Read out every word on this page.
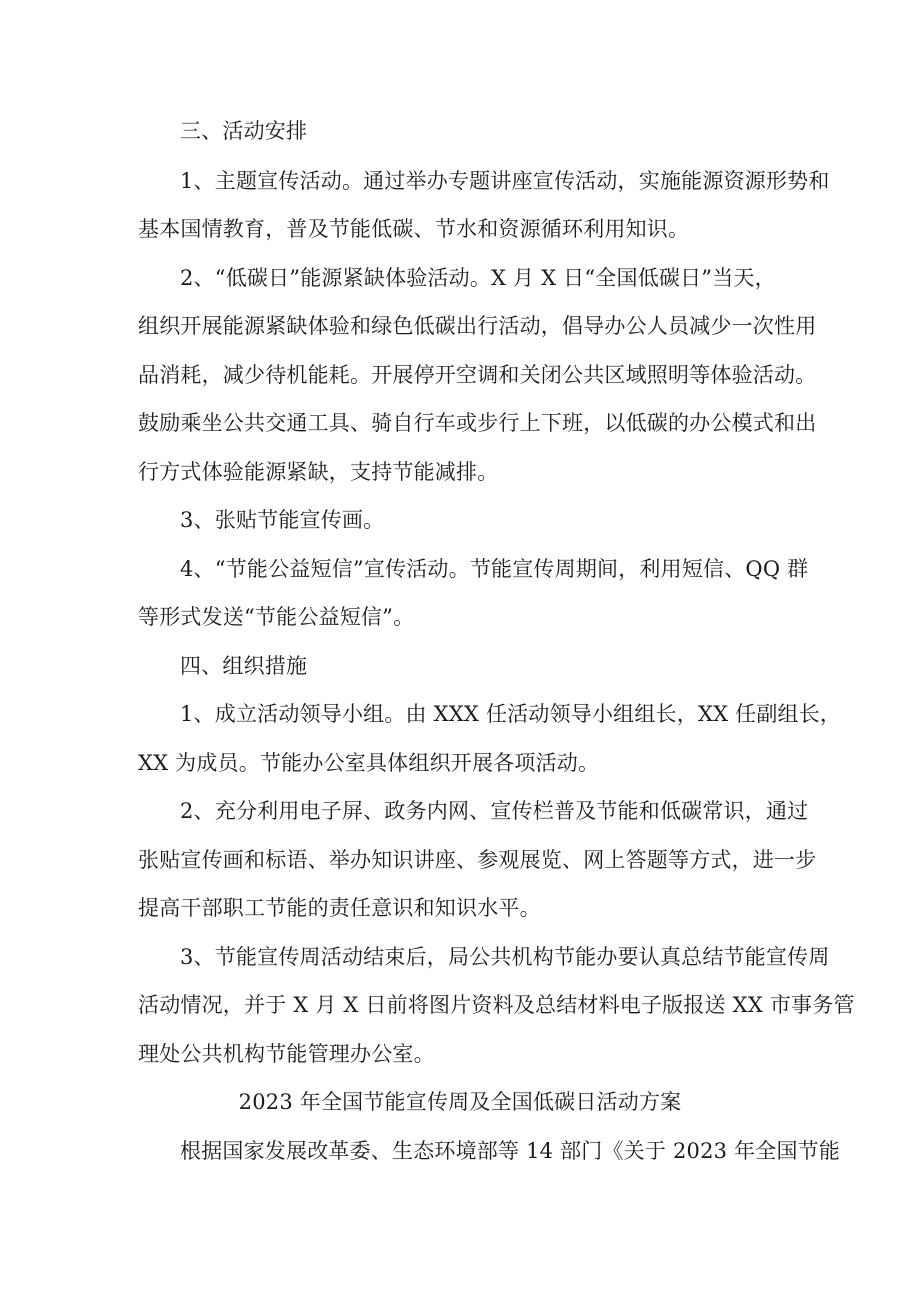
三、活动安排
1、主题宣传活动。通过举办专题讲座宣传活动，实施能源资源形势和
基本国情教育，普及节能低碳、节水和资源循环利用知识。
2、“低碳日”能源紧缺体验活动。X 月 X 日“全国低碳日”当天，
组织开展能源紧缺体验和绿色低碳出行活动，倡导办公人员减少一次性用
品消耗，减少待机能耗。开展停开空调和关闭公共区域照明等体验活动。
鼓励乘坐公共交通工具、骑自行车或步行上下班，以低碳的办公模式和出
行方式体验能源紧缺，支持节能减排。
3、张贴节能宣传画。
4、“节能公益短信”宣传活动。节能宣传周期间，利用短信、QQ 群
等形式发送“节能公益短信”。
四、组织措施
1、成立活动领导小组。由 XXX 任活动领导小组组长，XX 任副组长，
XX 为成员。节能办公室具体组织开展各项活动。
2、充分利用电子屏、政务内网、宣传栏普及节能和低碳常识，通过
张贴宣传画和标语、举办知识讲座、参观展览、网上答题等方式，进一步
提高干部职工节能的责任意识和知识水平。
3、节能宣传周活动结束后，局公共机构节能办要认真总结节能宣传周
活动情况，并于 X 月 X 日前将图片资料及总结材料电子版报送 XX 市事务管
理处公共机构节能管理办公室。
2023 年全国节能宣传周及全国低碳日活动方案
根据国家发展改革委、生态环境部等 14 部门《关于 2023 年全国节能
